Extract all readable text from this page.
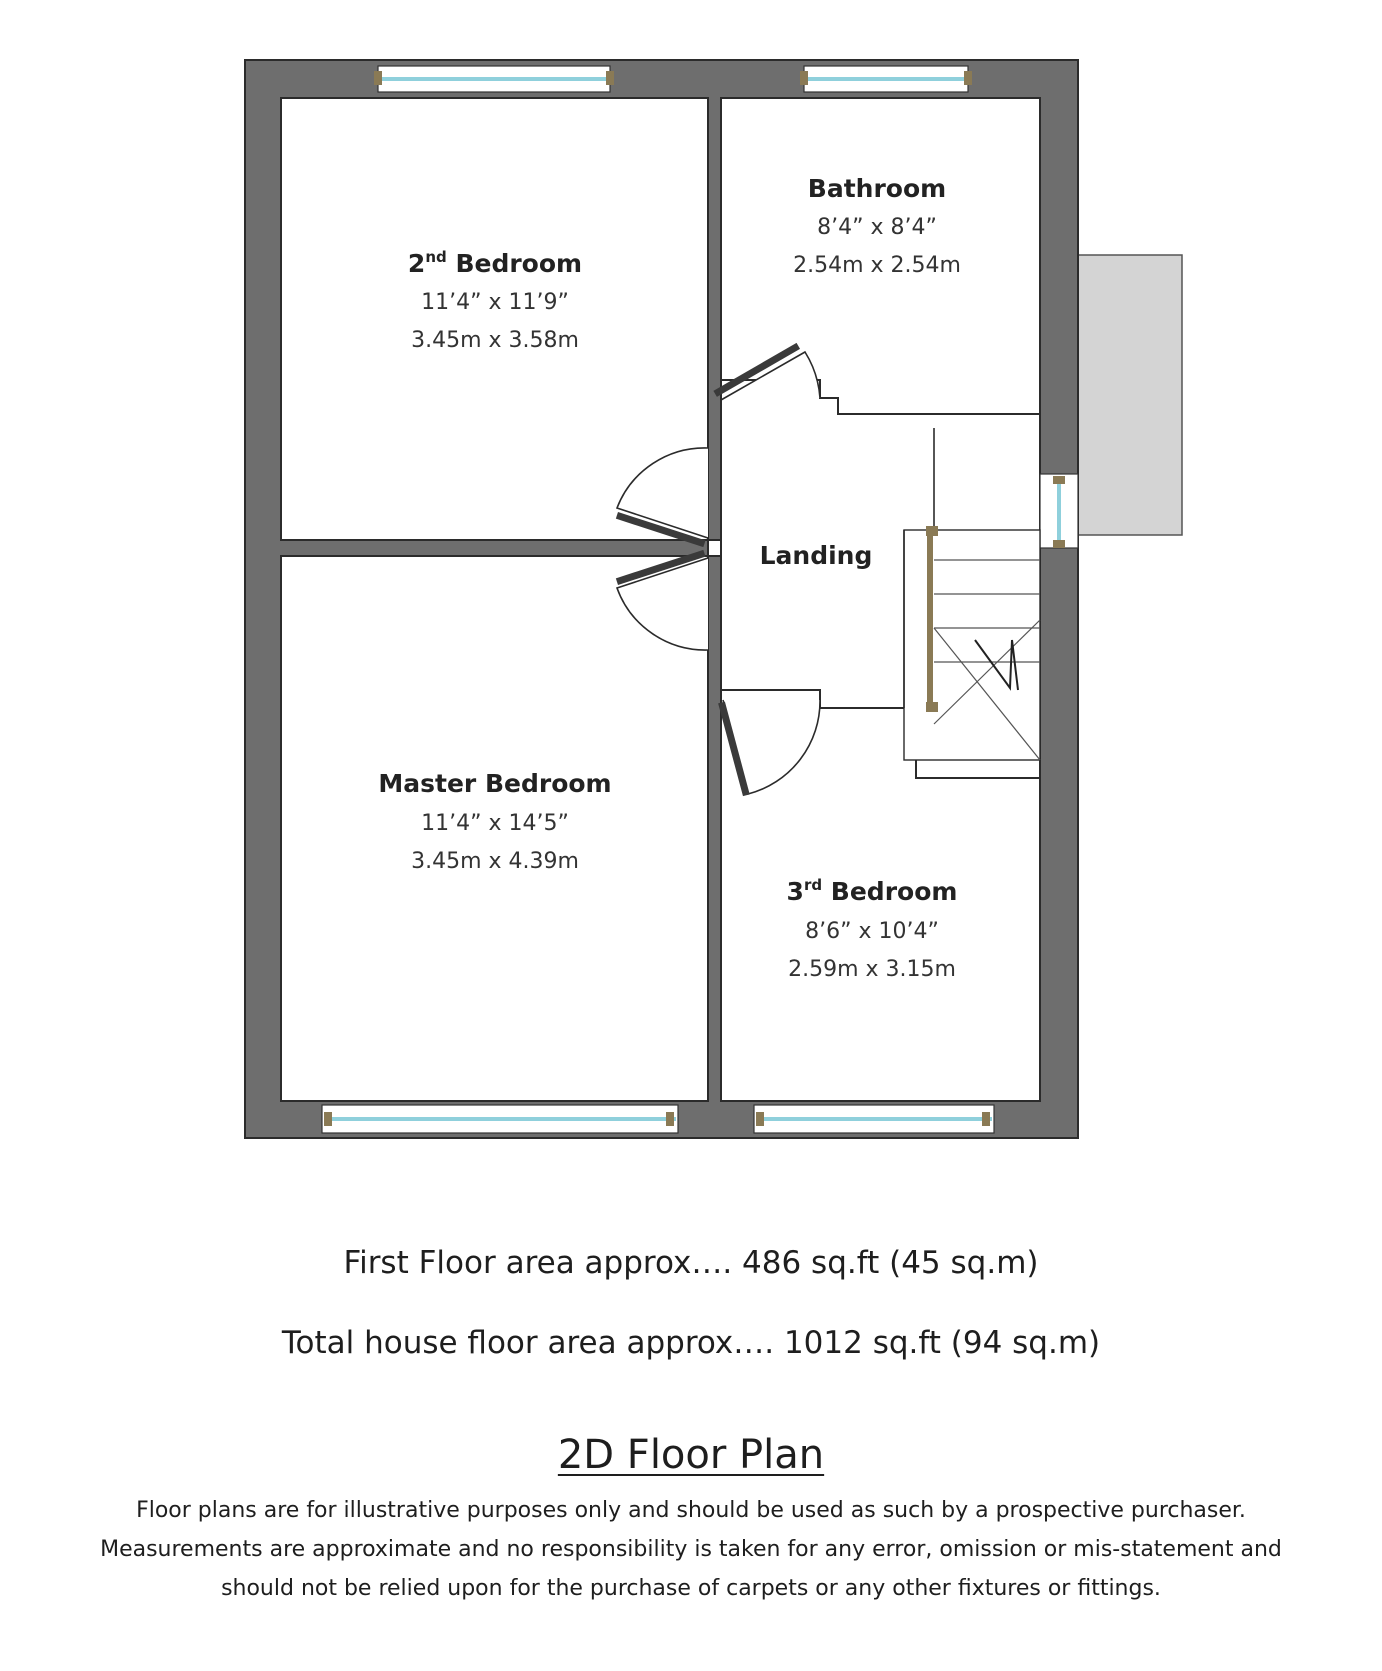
2nd Bedroom
11’4” x 11’9”
3.45m x 3.58m
Bathroom
8’4” x 8’4”
2.54m x 2.54m
Landing
Master Bedroom
11’4” x 14’5”
3.45m x 4.39m
3rd Bedroom
8’6” x 10’4”
2.59m x 3.15m
First Floor area approx…. 486 sq.ft (45 sq.m)
Total house floor area approx…. 1012 sq.ft (94 sq.m)
2D Floor Plan
Floor plans are for illustrative purposes only and should be used as such by a prospective purchaser.
Measurements are approximate and no responsibility is taken for any error, omission or mis-statement and
should not be relied upon for the purchase of carpets or any other fixtures or fittings.
